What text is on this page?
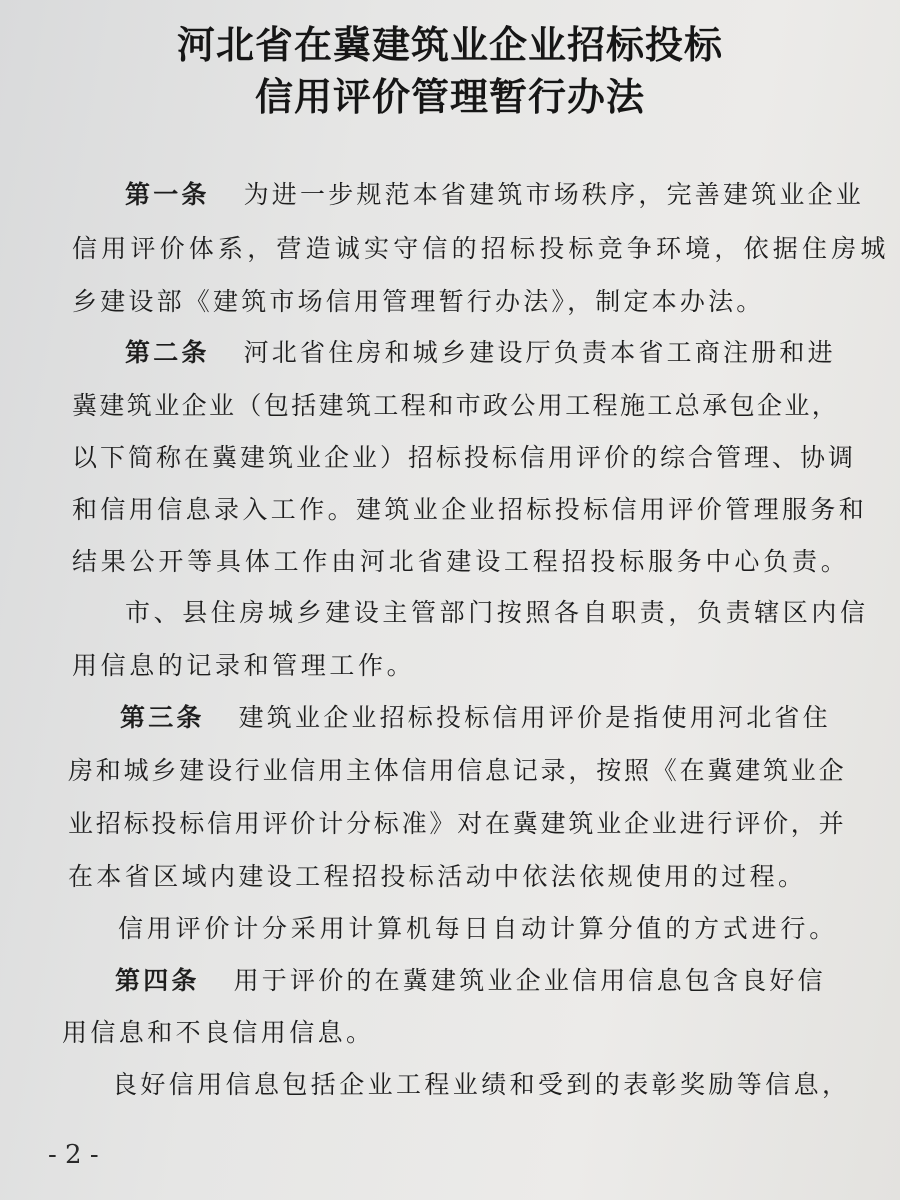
河北省在冀建筑业企业招标投标
信用评价管理暂行办法
第一条 为进一步规范本省建筑市场秩序，完善建筑业企业
信用评价体系，营造诚实守信的招标投标竞争环境，依据住房城
乡建设部《建筑市场信用管理暂行办法》，制定本办法。
第二条 河北省住房和城乡建设厅负责本省工商注册和进
冀建筑业企业（包括建筑工程和市政公用工程施工总承包企业，
以下简称在冀建筑业企业）招标投标信用评价的综合管理、协调
和信用信息录入工作。建筑业企业招标投标信用评价管理服务和
结果公开等具体工作由河北省建设工程招投标服务中心负责。
市、县住房城乡建设主管部门按照各自职责，负责辖区内信
用信息的记录和管理工作。
第三条 建筑业企业招标投标信用评价是指使用河北省住
房和城乡建设行业信用主体信用信息记录，按照《在冀建筑业企
业招标投标信用评价计分标准》对在冀建筑业企业进行评价，并
在本省区域内建设工程招投标活动中依法依规使用的过程。
信用评价计分采用计算机每日自动计算分值的方式进行。
第四条 用于评价的在冀建筑业企业信用信息包含良好信
用信息和不良信用信息。
良好信用信息包括企业工程业绩和受到的表彰奖励等信息，
- 2 -
